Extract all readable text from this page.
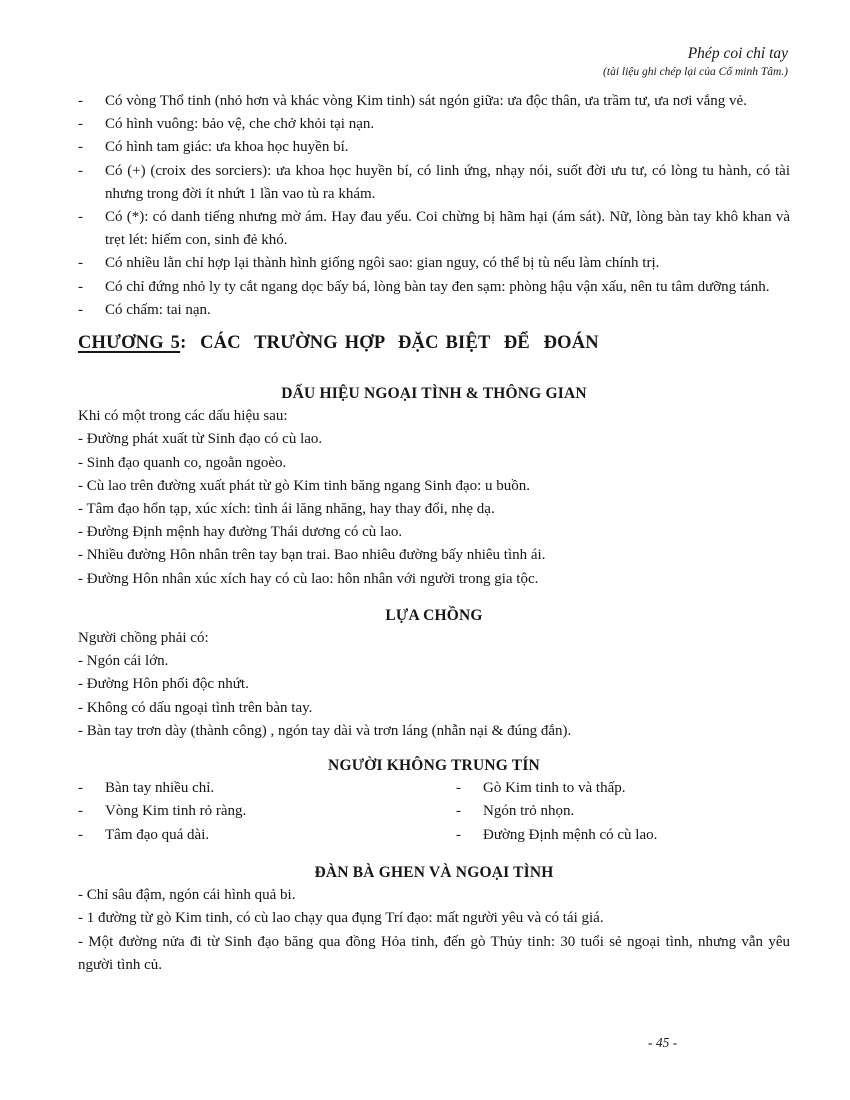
Phép coi chỉ tay
(tài liệu ghi chép lại của Cổ minh Tâm.)
- Có vòng Thổ tinh (nhỏ hơn và khác vòng Kim tinh) sát ngón giữa: ưa độc thân, ưa trầm tư, ưa nơi vắng vẻ.
- Có hình vuông: bảo vệ, che chở khỏi tại nạn.
- Có hình tam giác: ưa khoa học huyền bí.
- Có (+) (croix des sorciers): ưa khoa học huyền bí, có linh ứng, nhạy nói, suốt đời ưu tư, có lòng tu hành, có tài nhưng trong đời ít nhứt 1 lần vao tù ra khám.
- Có (*): có danh tiếng nhưng mờ ám. Hay đau yếu. Coi chừng bị hãm hại (ám sát). Nữ, lòng bàn tay khô khan và trẹt lét: hiếm con, sinh đẻ khó.
- Có nhiều lằn chỉ hợp lại thành hình giống ngôi sao: gian nguy, có thể bị tù nếu làm chính trị.
- Có chỉ đứng nhỏ ly ty cắt ngang dọc bấy bá, lòng bàn tay đen sạm: phòng hậu vận xấu, nên tu tâm dưỡng tánh.
- Có chấm: tai nạn.
CHƯƠNG 5:  CÁC  TRƯỜNG HỢP  ĐẶC BIỆT  ĐỂ  ĐOÁN
DẤU HIỆU NGOẠI TÌNH & THÔNG GIAN
Khi có một trong các dấu hiệu sau:
- Đường phát xuất từ Sinh đạo có cù lao.
- Sinh đạo quanh co, ngoằn ngoèo.
- Cù lao trên đường xuất phát từ gò Kim tinh băng ngang Sinh đạo: u buồn.
- Tâm đạo hổn tạp, xúc xích: tình ái lăng nhăng, hay thay đổi, nhẹ dạ.
- Đường Định mệnh hay đường Thái dương có cù lao.
- Nhiều đường Hôn nhân trên tay bạn trai. Bao nhiêu đường bấy nhiêu tình ái.
- Đường Hôn nhân xúc xích hay có cù lao: hôn nhân với người trong gia tộc.
LỰA CHỒNG
Người chồng phải có:
- Ngón cái lớn.
- Đường Hôn phối độc nhứt.
- Không có dấu ngoại tình trên bàn tay.
- Bàn tay trơn dày (thành công) , ngón tay dài và trơn láng (nhẫn nại & đúng đắn).
NGƯỜI KHÔNG TRUNG TÍN
- Bàn tay nhiều chỉ.	- Gò Kim tinh to và thấp.
- Vòng Kim tinh rỏ ràng.	- Ngón trỏ nhọn.
- Tâm đạo quá dài.	- Đường Định mệnh có cù lao.
ĐÀN BÀ GHEN VÀ NGOẠI TÌNH
- Chỉ sâu đậm, ngón cái hình quả bi.
- 1 đường từ gò Kim tinh, có cù lao chạy qua đụng Trí đạo: mất người yêu và có tái giá.
- Một đường nửa đi từ Sinh đạo băng qua đồng Hỏa tinh, đến gò Thủy tinh: 30 tuổi sẻ ngoại tình, nhưng vẫn yêu người tình củ.
- 45 -
